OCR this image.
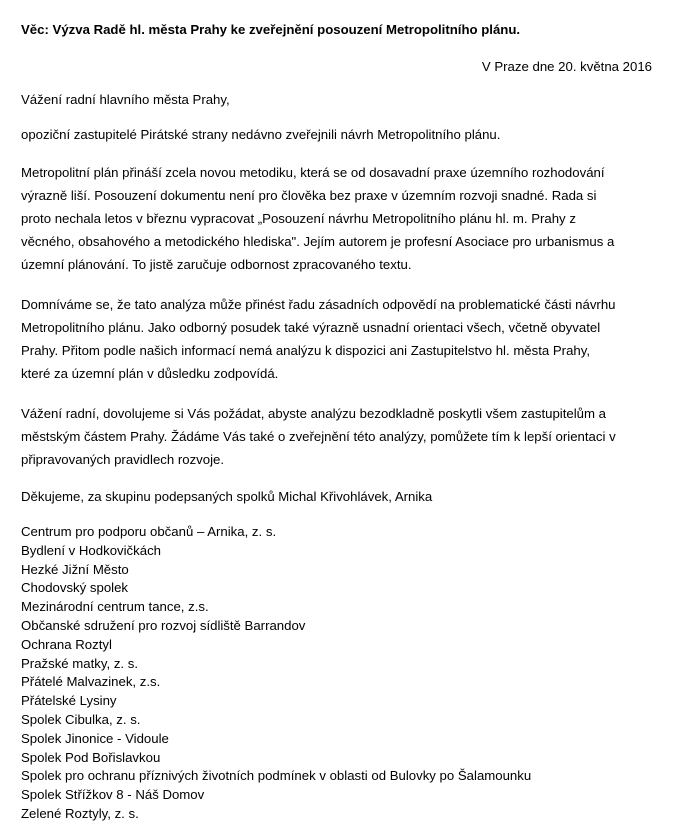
Věc: Výzva Radě hl. města Prahy ke zveřejnění posouzení Metropolitního plánu.
V Praze dne 20. května 2016
Vážení radní hlavního města Prahy,

opoziční zastupitelé Pirátské strany nedávno zveřejnili návrh Metropolitního plánu.

Metropolitní plán přináší zcela novou metodiku, která se od dosavadní praxe územního rozhodování
výrazně liší. Posouzení dokumentu není pro člověka bez praxe v územním rozvoji snadné. Rada si
proto nechala letos v březnu vypracovat „Posouzení návrhu Metropolitního plánu hl. m. Prahy z
věcného, obsahového a metodického hlediska". Jejím autorem je profesní Asociace pro urbanismus a
územní plánování. To jistě zaručuje odbornost zpracovaného textu.

Domníváme se, že tato analýza může přinést řadu zásadních odpovědí na problematické části návrhu
Metropolitního plánu. Jako odborný posudek také výrazně usnadní orientaci všech, včetně obyvatel
Prahy. Přitom podle našich informací nemá analýzu k dispozici ani Zastupitelstvo hl. města Prahy,
které za územní plán v důsledku zodpovídá.

Vážení radní, dovolujeme si Vás požádat, abyste analýzu bezodkladně poskytli všem zastupitelům a
městským částem Prahy. Žádáme Vás také o zveřejnění této analýzy, pomůžete tím k lepší orientaci v
připravovaných pravidlech rozvoje.

Děkujeme, za skupinu podepsaných spolků Michal Křivohlávek, Arnika
Centrum pro podporu občanů – Arnika, z. s.
Bydlení v Hodkovičkách
Hezké Jižní Město
Chodovský spolek
Mezinárodní centrum tance, z.s.
Občanské sdružení pro rozvoj sídliště Barrandov
Ochrana Roztyl
Pražské matky, z. s.
Přátelé Malvazinek, z.s.
Přátelské Lysiny
Spolek Cibulka, z. s.
Spolek Jinonice - Vidoule
Spolek Pod Bořislavkou
Spolek pro ochranu příznivých životních podmínek v oblasti od Bulovky po Šalamounku
Spolek Střížkov 8 - Náš Domov
Zelené Roztyly, z. s.
